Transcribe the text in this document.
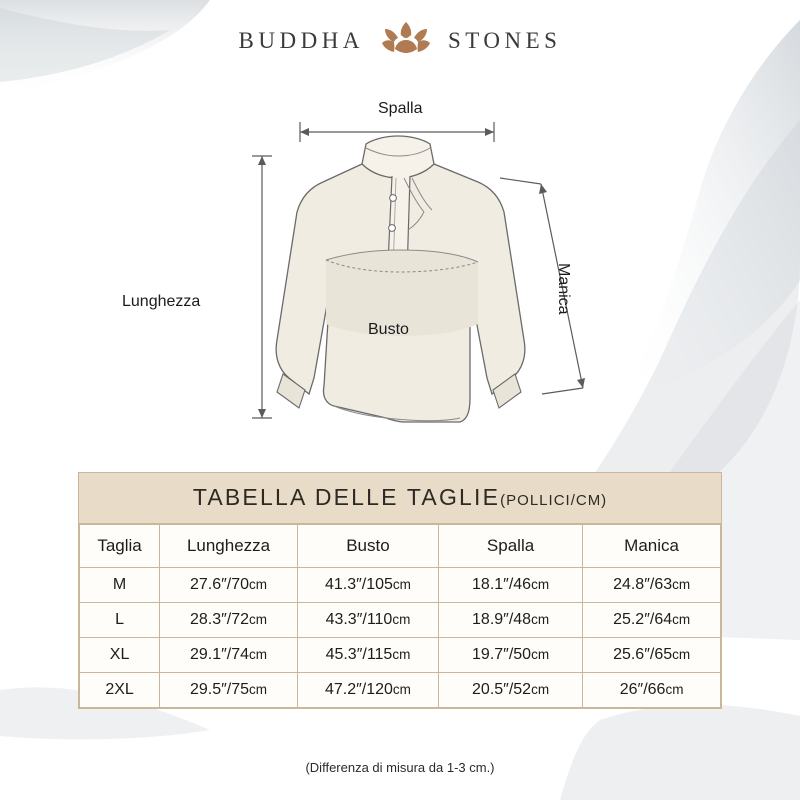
BUDDHA	STONES
Spalla
Lunghezza
Busto
Manica
TABELLA DELLE TAGLIE(POLLICI/CM)
Taglia	Lunghezza	Busto	Spalla	Manica
M	27.6″/70cm	41.3″/105cm	18.1″/46cm	24.8″/63cm
L	28.3″/72cm	43.3″/110cm	18.9″/48cm	25.2″/64cm
XL	29.1″/74cm	45.3″/115cm	19.7″/50cm	25.6″/65cm
2XL	29.5″/75cm	47.2″/120cm	20.5″/52cm	26″/66cm
(Differenza di misura da 1-3 cm.)
